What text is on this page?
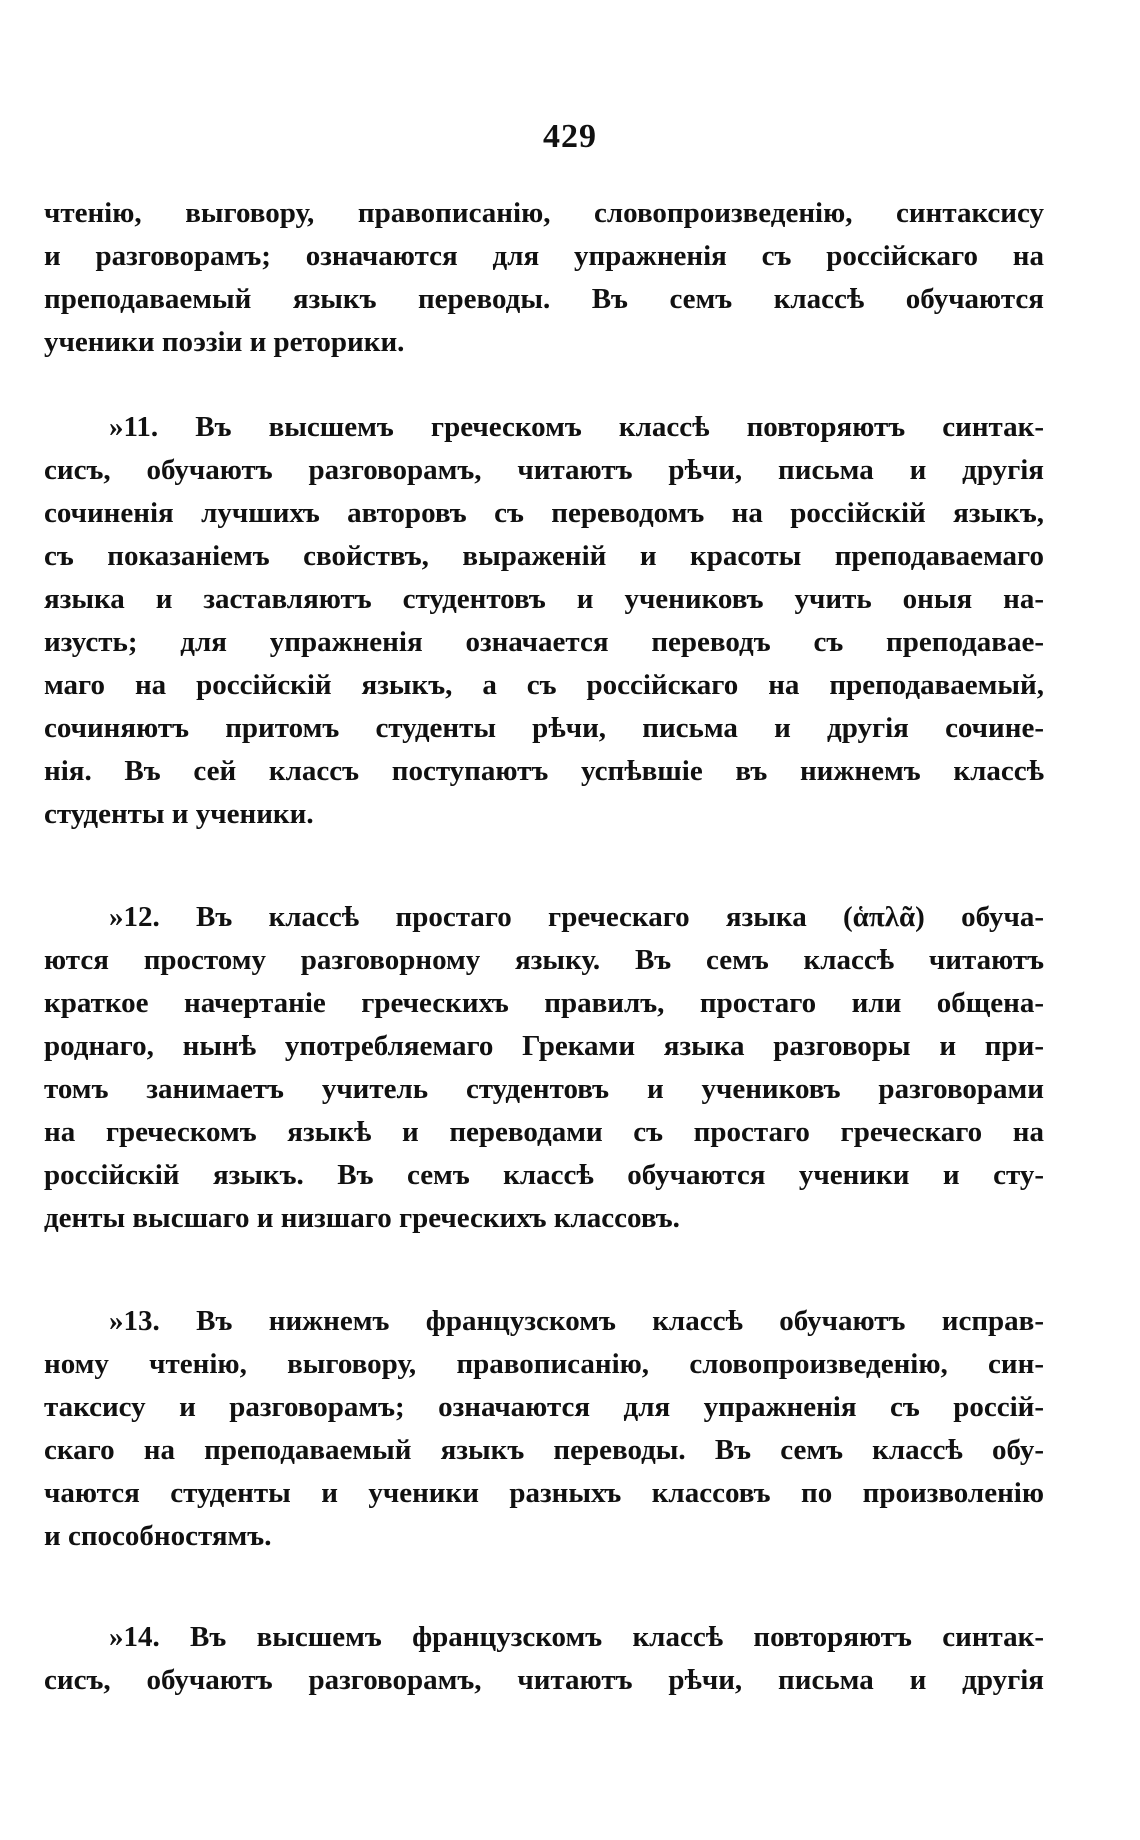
429
чтенію, выговору, правописанію, словопроизведенію, синтаксису
и разговорамъ; означаются для упражненія съ россійскаго на
преподаваемый языкъ переводы. Въ семъ классѣ обучаются
ученики поэзіи и реторики.
»11. Въ высшемъ греческомъ классѣ повторяютъ синтак-
сисъ, обучаютъ разговорамъ, читаютъ рѣчи, письма и другія
сочиненія лучшихъ авторовъ съ переводомъ на россійскій языкъ,
съ показаніемъ свойствъ, выраженій и красоты преподаваемаго
языка и заставляютъ студентовъ и учениковъ учить оныя на-
изусть; для упражненія означается переводъ съ преподавае-
маго на россійскій языкъ, а съ россійскаго на преподаваемый,
сочиняютъ притомъ студенты рѣчи, письма и другія сочине-
нія. Въ сей классъ поступаютъ успѣвшіе въ нижнемъ классѣ
студенты и ученики.
»12. Въ классѣ простаго греческаго языка (ἁπλᾶ) обуча-
ются простому разговорному языку. Въ семъ классѣ читаютъ
краткое начертаніе греческихъ правилъ, простаго или общена-
роднаго, нынѣ употребляемаго Греками языка разговоры и при-
томъ занимаетъ учитель студентовъ и учениковъ разговорами
на греческомъ языкѣ и переводами съ простаго греческаго на
россійскій языкъ. Въ семъ классѣ обучаются ученики и сту-
денты высшаго и низшаго греческихъ классовъ.
»13. Въ нижнемъ французскомъ классѣ обучаютъ исправ-
ному чтенію, выговору, правописанію, словопроизведенію, син-
таксису и разговорамъ; означаются для упражненія съ россій-
скаго на преподаваемый языкъ переводы. Въ семъ классѣ обу-
чаются студенты и ученики разныхъ классовъ по произволенію
и способностямъ.
»14. Въ высшемъ французскомъ классѣ повторяютъ синтак-
сисъ, обучаютъ разговорамъ, читаютъ рѣчи, письма и другія
